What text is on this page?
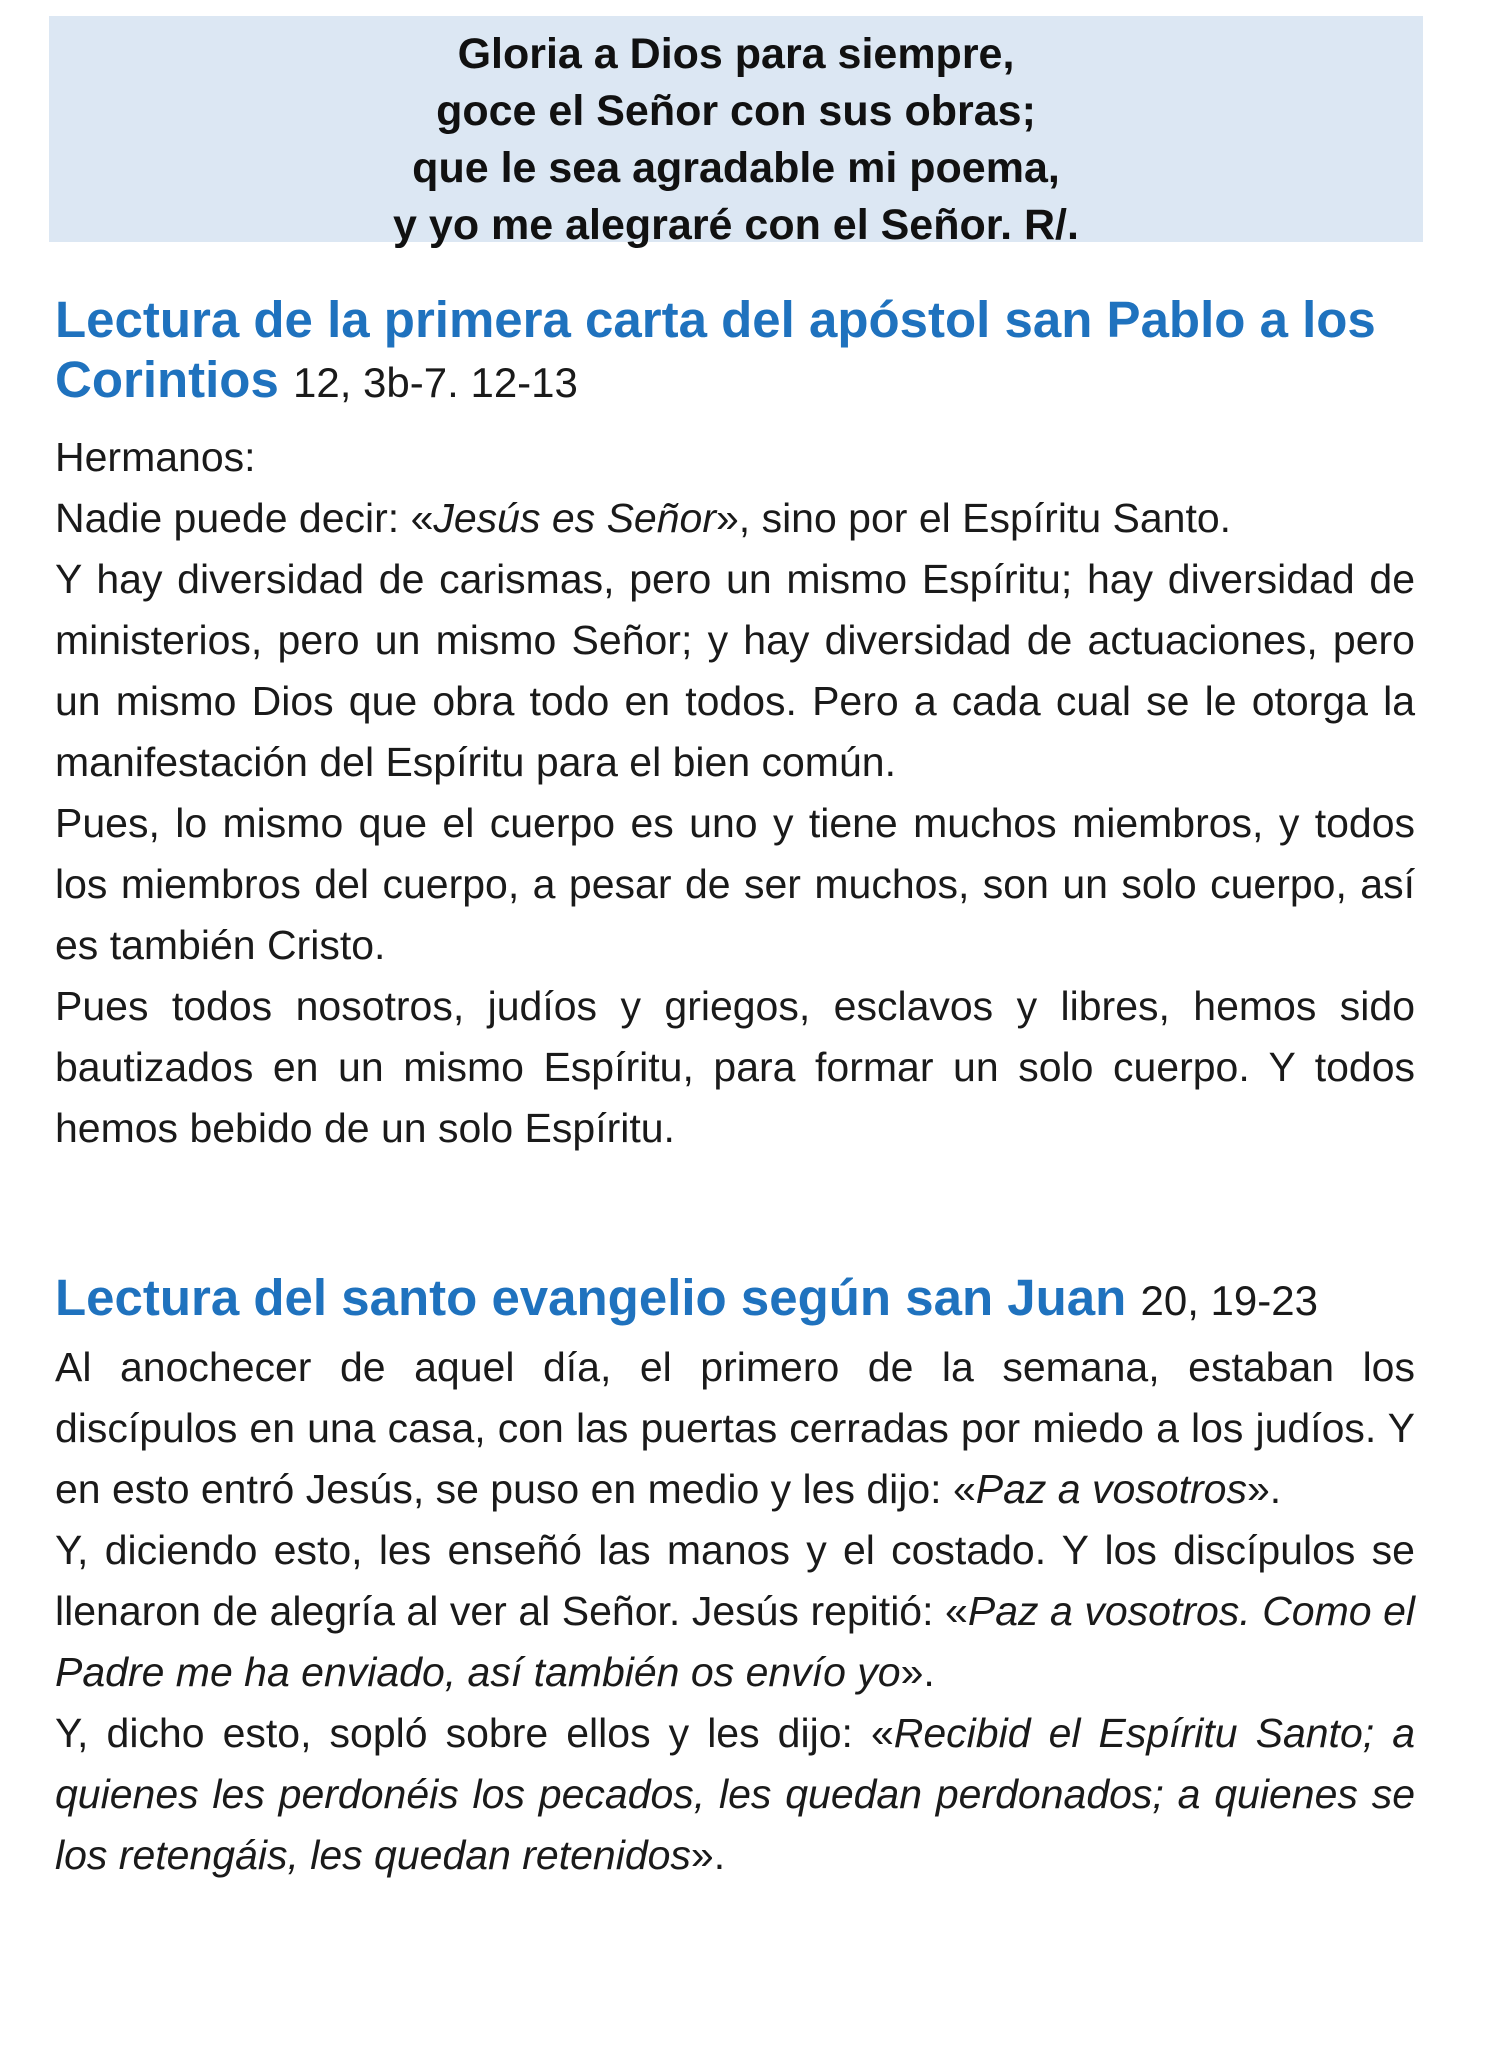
Gloria a Dios para siempre,
goce el Señor con sus obras;
que le sea agradable mi poema,
y yo me alegraré con el Señor. R/.
Lectura de la primera carta del apóstol san Pablo a los Corintios 12, 3b-7. 12-13

Hermanos:

Nadie puede decir: «Jesús es Señor», sino por el Espíritu Santo.

Y hay diversidad de carismas, pero un mismo Espíritu; hay diversidad de ministerios, pero un mismo Señor; y hay diversidad de actuaciones, pero un mismo Dios que obra todo en todos. Pero a cada cual se le otorga la manifestación del Espíritu para el bien común.

Pues, lo mismo que el cuerpo es uno y tiene muchos miembros, y todos los miembros del cuerpo, a pesar de ser muchos, son un solo cuerpo, así es también Cristo.

Pues todos nosotros, judíos y griegos, esclavos y libres, hemos sido bautizados en un mismo Espíritu, para formar un solo cuerpo. Y todos hemos bebido de un solo Espíritu.

Lectura del santo evangelio según san Juan 20, 19-23

Al anochecer de aquel día, el primero de la semana, estaban los discípulos en una casa, con las puertas cerradas por miedo a los judíos. Y en esto entró Jesús, se puso en medio y les dijo: «Paz a vosotros».

Y, diciendo esto, les enseñó las manos y el costado. Y los discípulos se llenaron de alegría al ver al Señor. Jesús repitió: «Paz a vosotros. Como el Padre me ha enviado, así también os envío yo».

Y, dicho esto, sopló sobre ellos y les dijo: «Recibid el Espíritu Santo; a quienes les perdonéis los pecados, les quedan perdonados; a quienes se los retengáis, les quedan retenidos».
